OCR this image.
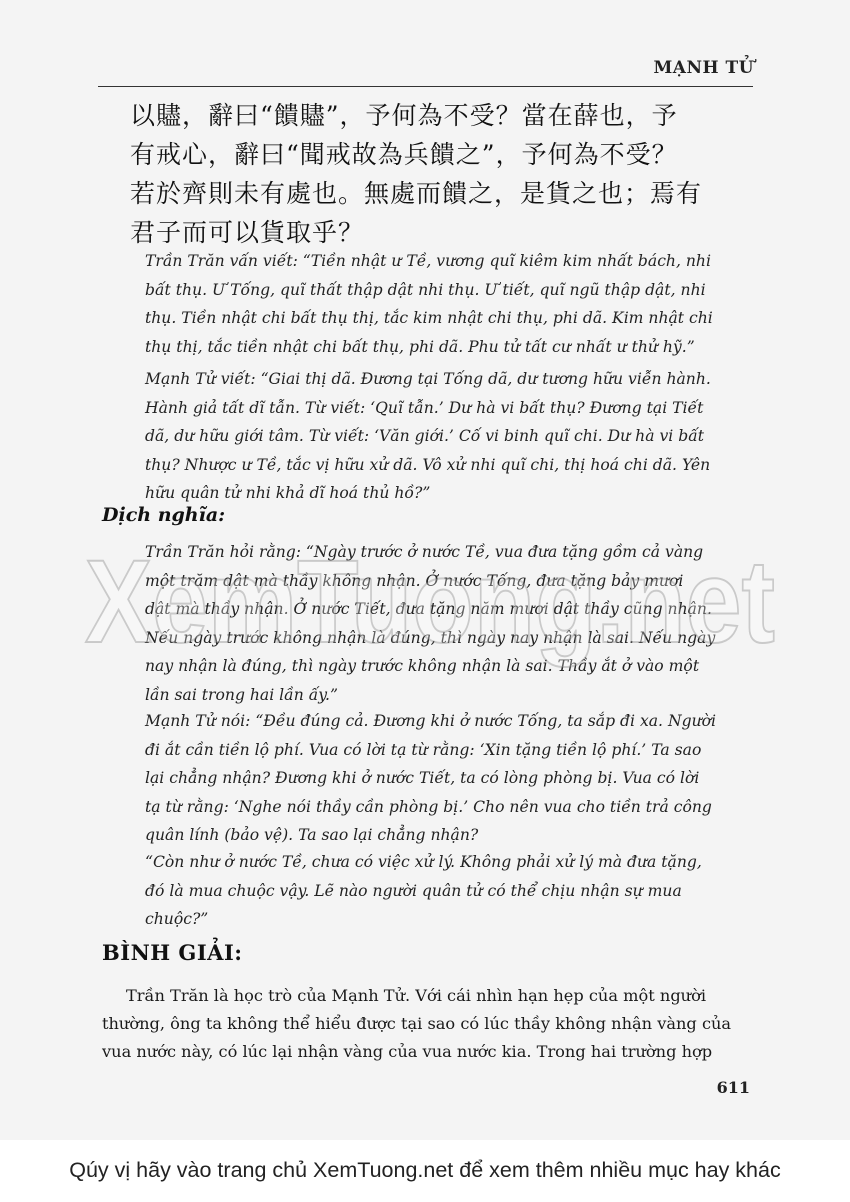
MẠNH TỬ
以贐，辭曰“饋贐”，予何為不受？當在薛也，予
有戒心，辭曰“聞戒故為兵饋之”，予何為不受？
若於齊則未有處也。無處而饋之，是貨之也；焉有
君子而可以貨取乎？
Trần Trăn vấn viết: “Tiền nhật ư Tề, vương quĩ kiêm kim nhất bách, nhi
bất thụ. Ư Tống, quĩ thất thập dật nhi thụ. Ư tiết, quĩ ngũ thập dật, nhi
thụ. Tiền nhật chi bất thụ thị, tắc kim nhật chi thụ, phi dã. Kim nhật chi
thụ thị, tắc tiền nhật chi bất thụ, phi dã. Phu tử tất cư nhất ư thử hỹ.”
Mạnh Tử viết: “Giai thị dã. Đương tại Tống dã, dư tương hữu viễn hành.
Hành giả tất dĩ tẫn. Từ viết: ‘Quĩ tẫn.’ Dư hà vi bất thụ? Đương tại Tiết
dã, dư hữu giới tâm. Từ viết: ‘Văn giới.’ Cố vi binh quĩ chi. Dư hà vi bất
thụ? Nhược ư Tề, tắc vị hữu xử dã. Vô xử nhi quĩ chi, thị hoá chi dã. Yên
hữu quân tử nhi khả dĩ hoá thủ hồ?”
Dịch nghĩa:
Trần Trăn hỏi rằng: “Ngày trước ở nước Tề, vua đưa tặng gồm cả vàng
một trăm dật mà thầy không nhận. Ở nước Tống, đưa tặng bảy mươi
dật mà thầy nhận. Ở nước Tiết, đưa tặng năm mươi dật thầy cũng nhận.
Nếu ngày trước không nhận là đúng, thì ngày nay nhận là sai. Nếu ngày
nay nhận là đúng, thì ngày trước không nhận là sai. Thầy ắt ở vào một
lần sai trong hai lần ấy.”
Mạnh Tử nói: “Đều đúng cả. Đương khi ở nước Tống, ta sắp đi xa. Người
đi ắt cần tiền lộ phí. Vua có lời tạ từ rằng: ‘Xin tặng tiền lộ phí.’ Ta sao
lại chẳng nhận? Đương khi ở nước Tiết, ta có lòng phòng bị. Vua có lời
tạ từ rằng: ‘Nghe nói thầy cần phòng bị.’ Cho nên vua cho tiền trả công
quân lính (bảo vệ). Ta sao lại chẳng nhận?
“Còn như ở nước Tề, chưa có việc xử lý. Không phải xử lý mà đưa tặng,
đó là mua chuộc vậy. Lẽ nào người quân tử có thể chịu nhận sự mua
chuộc?”
BÌNH GIẢI:
Trần Trăn là học trò của Mạnh Tử. Với cái nhìn hạn hẹp của một người
thường, ông ta không thể hiểu được tại sao có lúc thầy không nhận vàng của
vua nước này, có lúc lại nhận vàng của vua nước kia. Trong hai trường hợp
611
XemTuong.net
Qúy vị hãy vào trang chủ XemTuong.net để xem thêm nhiều mục hay khác
